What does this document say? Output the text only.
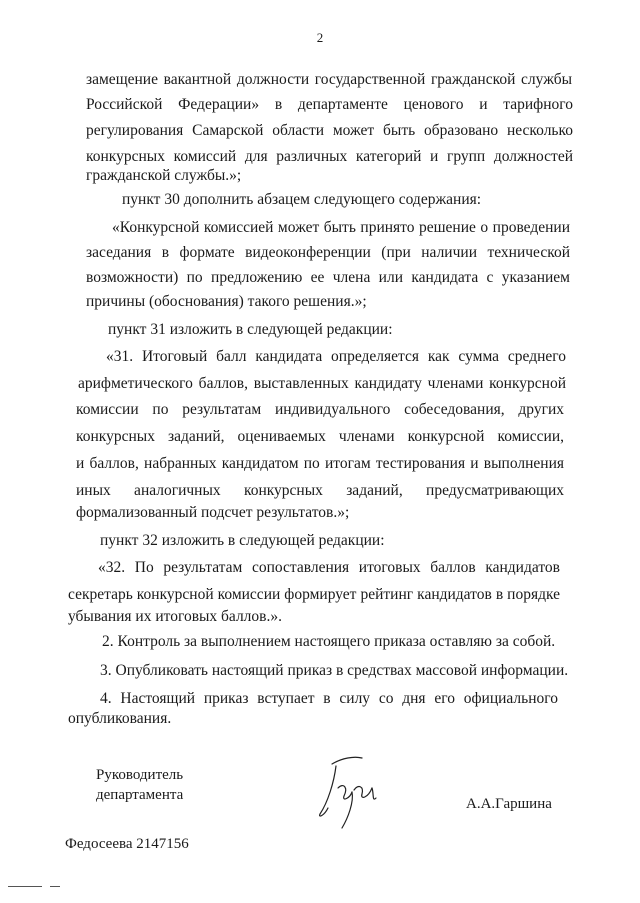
2
замещение вакантной должности государственной гражданской службы
Российской Федерации» в департаменте ценового и тарифного
регулирования Самарской области может быть образовано несколько
конкурсных комиссий для различных категорий и групп должностей
гражданской службы.»;
пункт 30 дополнить абзацем следующего содержания:
«Конкурсной комиссией может быть принято решение о проведении
заседания в формате видеоконференции (при наличии технической
возможности) по предложению ее члена или кандидата с указанием
причины (обоснования) такого решения.»;
пункт 31 изложить в следующей редакции:
«31. Итоговый балл кандидата определяется как сумма среднего
арифметического баллов, выставленных кандидату членами конкурсной
комиссии по результатам индивидуального собеседования, других
конкурсных заданий, оцениваемых членами конкурсной комиссии,
и баллов, набранных кандидатом по итогам тестирования и выполнения
иных аналогичных конкурсных заданий, предусматривающих
формализованный подсчет результатов.»;
пункт 32 изложить в следующей редакции:
«32. По результатам сопоставления итоговых баллов кандидатов
секретарь конкурсной комиссии формирует рейтинг кандидатов в порядке
убывания их итоговых баллов.».
2. Контроль за выполнением настоящего приказа оставляю за собой.
3. Опубликовать настоящий приказ в средствах массовой информации.
4. Настоящий приказ вступает в силу со дня его официального
опубликования.
Руководитель
департамента
А.А.Гаршина
Федосеева 2147156
